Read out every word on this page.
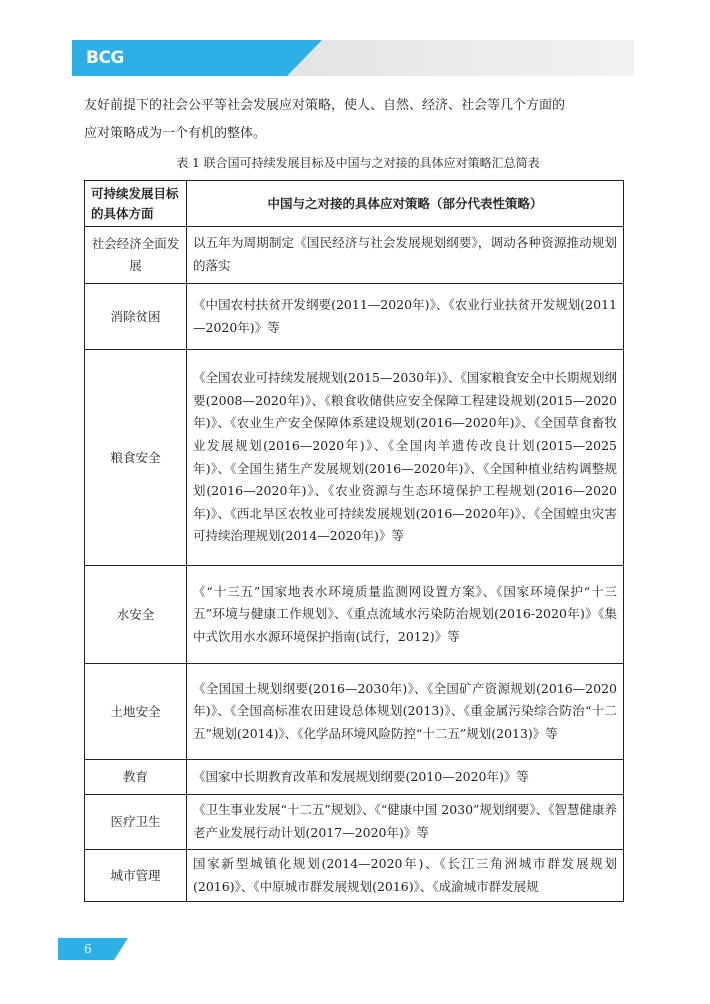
BCG

友好前提下的社会公平等社会发展应对策略，使人、自然、经济、社会等几个方面的

应对策略成为一个有机的整体。

表 1 联合国可持续发展目标及中国与之对接的具体应对策略汇总简表
可持续发展目标的具体方面	中国与之对接的具体应对策略（部分代表性策略）
社会经济全面发展	以五年为周期制定《国民经济与社会发展规划纲要》，调动各种资源推动规划的落实
消除贫困	《中国农村扶贫开发纲要(2011—2020年)》、《农业行业扶贫开发规划(2011—2020年)》等
粮食安全	《全国农业可持续发展规划(2015—2030年)》、《国家粮食安全中长期规划纲要(2008—2020年)》、《粮食收储供应安全保障工程建设规划(2015—2020年)》、《农业生产安全保障体系建设规划(2016—2020年)》、《全国草食畜牧业发展规划(2016—2020年)》、《全国肉羊遗传改良计划(2015—2025年)》、《全国生猪生产发展规划(2016—2020年)》、《全国种植业结构调整规划(2016—2020年)》、《农业资源与生态环境保护工程规划(2016—2020年)》、《西北旱区农牧业可持续发展规划(2016—2020年)》、《全国蝗虫灾害可持续治理规划(2014—2020年)》等
水安全	《“十三五”国家地表水环境质量监测网设置方案》、《国家环境保护“十三五”环境与健康工作规划》、《重点流域水污染防治规划(2016-2020年)》《集中式饮用水水源环境保护指南(试行，2012)》等
土地安全	《全国国土规划纲要(2016—2030年)》、《全国矿产资源规划(2016—2020年)》、《全国高标准农田建设总体规划(2013)》、《重金属污染综合防治“十二五”规划(2014)》、《化学品环境风险防控“十二五”规划(2013)》等
教育	《国家中长期教育改革和发展规划纲要(2010—2020年)》等
医疗卫生	《卫生事业发展“十二五”规划》、《“健康中国 2030”规划纲要》、《智慧健康养老产业发展行动计划(2017—2020年)》等
城市管理	国家新型城镇化规划(2014—2020年)、《长江三角洲城市群发展规划(2016)》、《中原城市群发展规划(2016)》、《成渝城市群发展规
6
